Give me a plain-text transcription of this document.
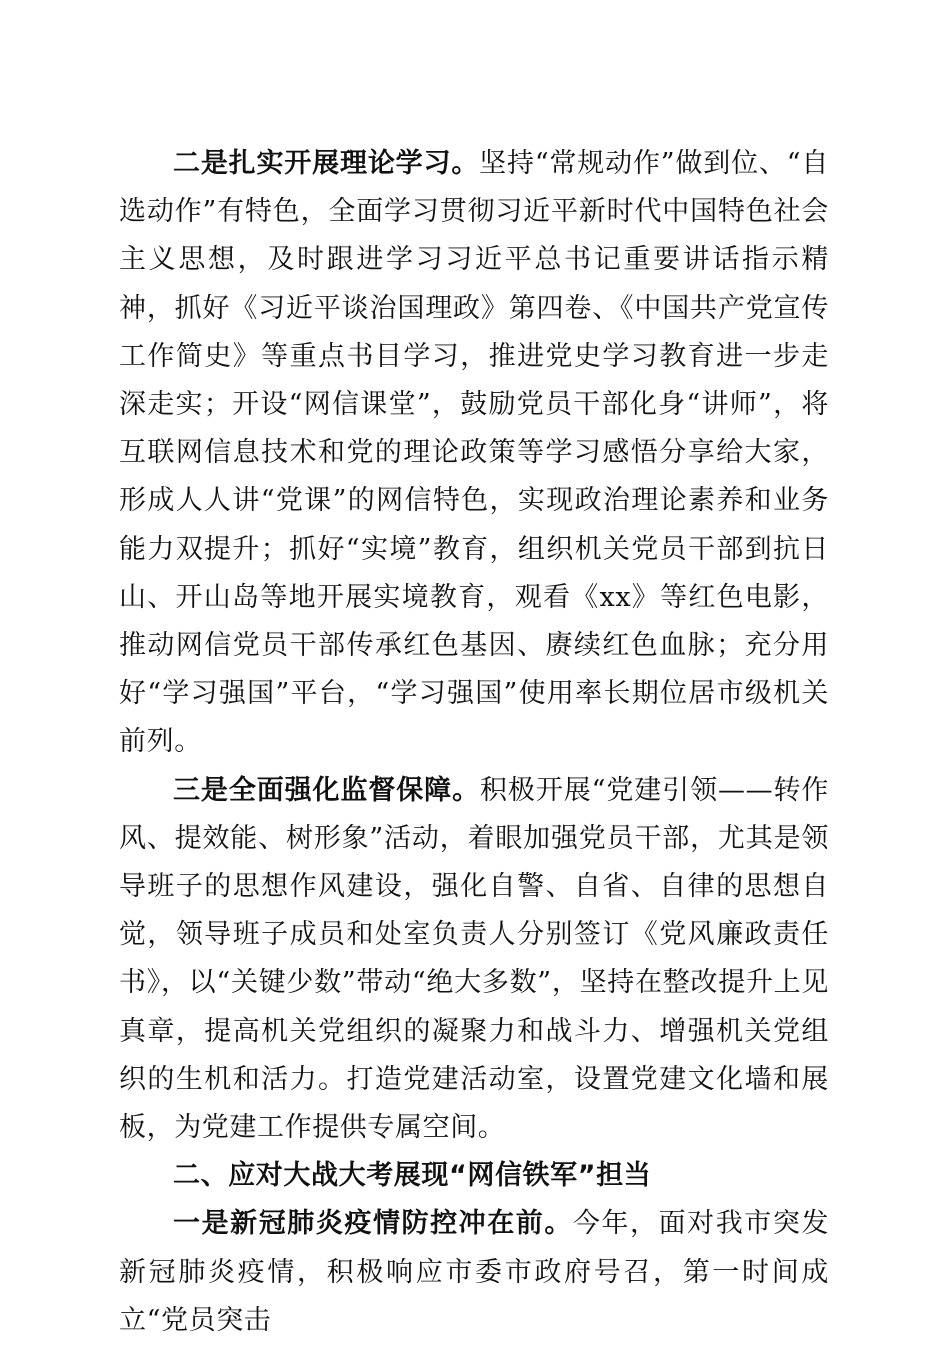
二是扎实开展理论学习。坚持“常规动作”做到位、“自选动作”有特色，全面学习贯彻习近平新时代中国特色社会主义思想，及时跟进学习习近平总书记重要讲话指示精神，抓好《习近平谈治国理政》第四卷、《中国共产党宣传工作简史》等重点书目学习，推进党史学习教育进一步走深走实；开设“网信课堂”，鼓励党员干部化身“讲师”，将互联网信息技术和党的理论政策等学习感悟分享给大家，形成人人讲“党课”的网信特色，实现政治理论素养和业务能力双提升；抓好“实境”教育，组织机关党员干部到抗日山、开山岛等地开展实境教育，观看《xx》等红色电影，推动网信党员干部传承红色基因、赓续红色血脉；充分用好“学习强国”平台，“学习强国”使用率长期位居市级机关前列。

三是全面强化监督保障。积极开展“党建引领——转作风、提效能、树形象”活动，着眼加强党员干部，尤其是领导班子的思想作风建设，强化自警、自省、自律的思想自觉，领导班子成员和处室负责人分别签订《党风廉政责任书》，以“关键少数”带动“绝大多数”，坚持在整改提升上见真章，提高机关党组织的凝聚力和战斗力、增强机关党组织的生机和活力。打造党建活动室，设置党建文化墙和展板，为党建工作提供专属空间。

二、应对大战大考展现“网信铁军”担当

一是新冠肺炎疫情防控冲在前。今年，面对我市突发新冠肺炎疫情，积极响应市委市政府号召，第一时间成立“党员突击
